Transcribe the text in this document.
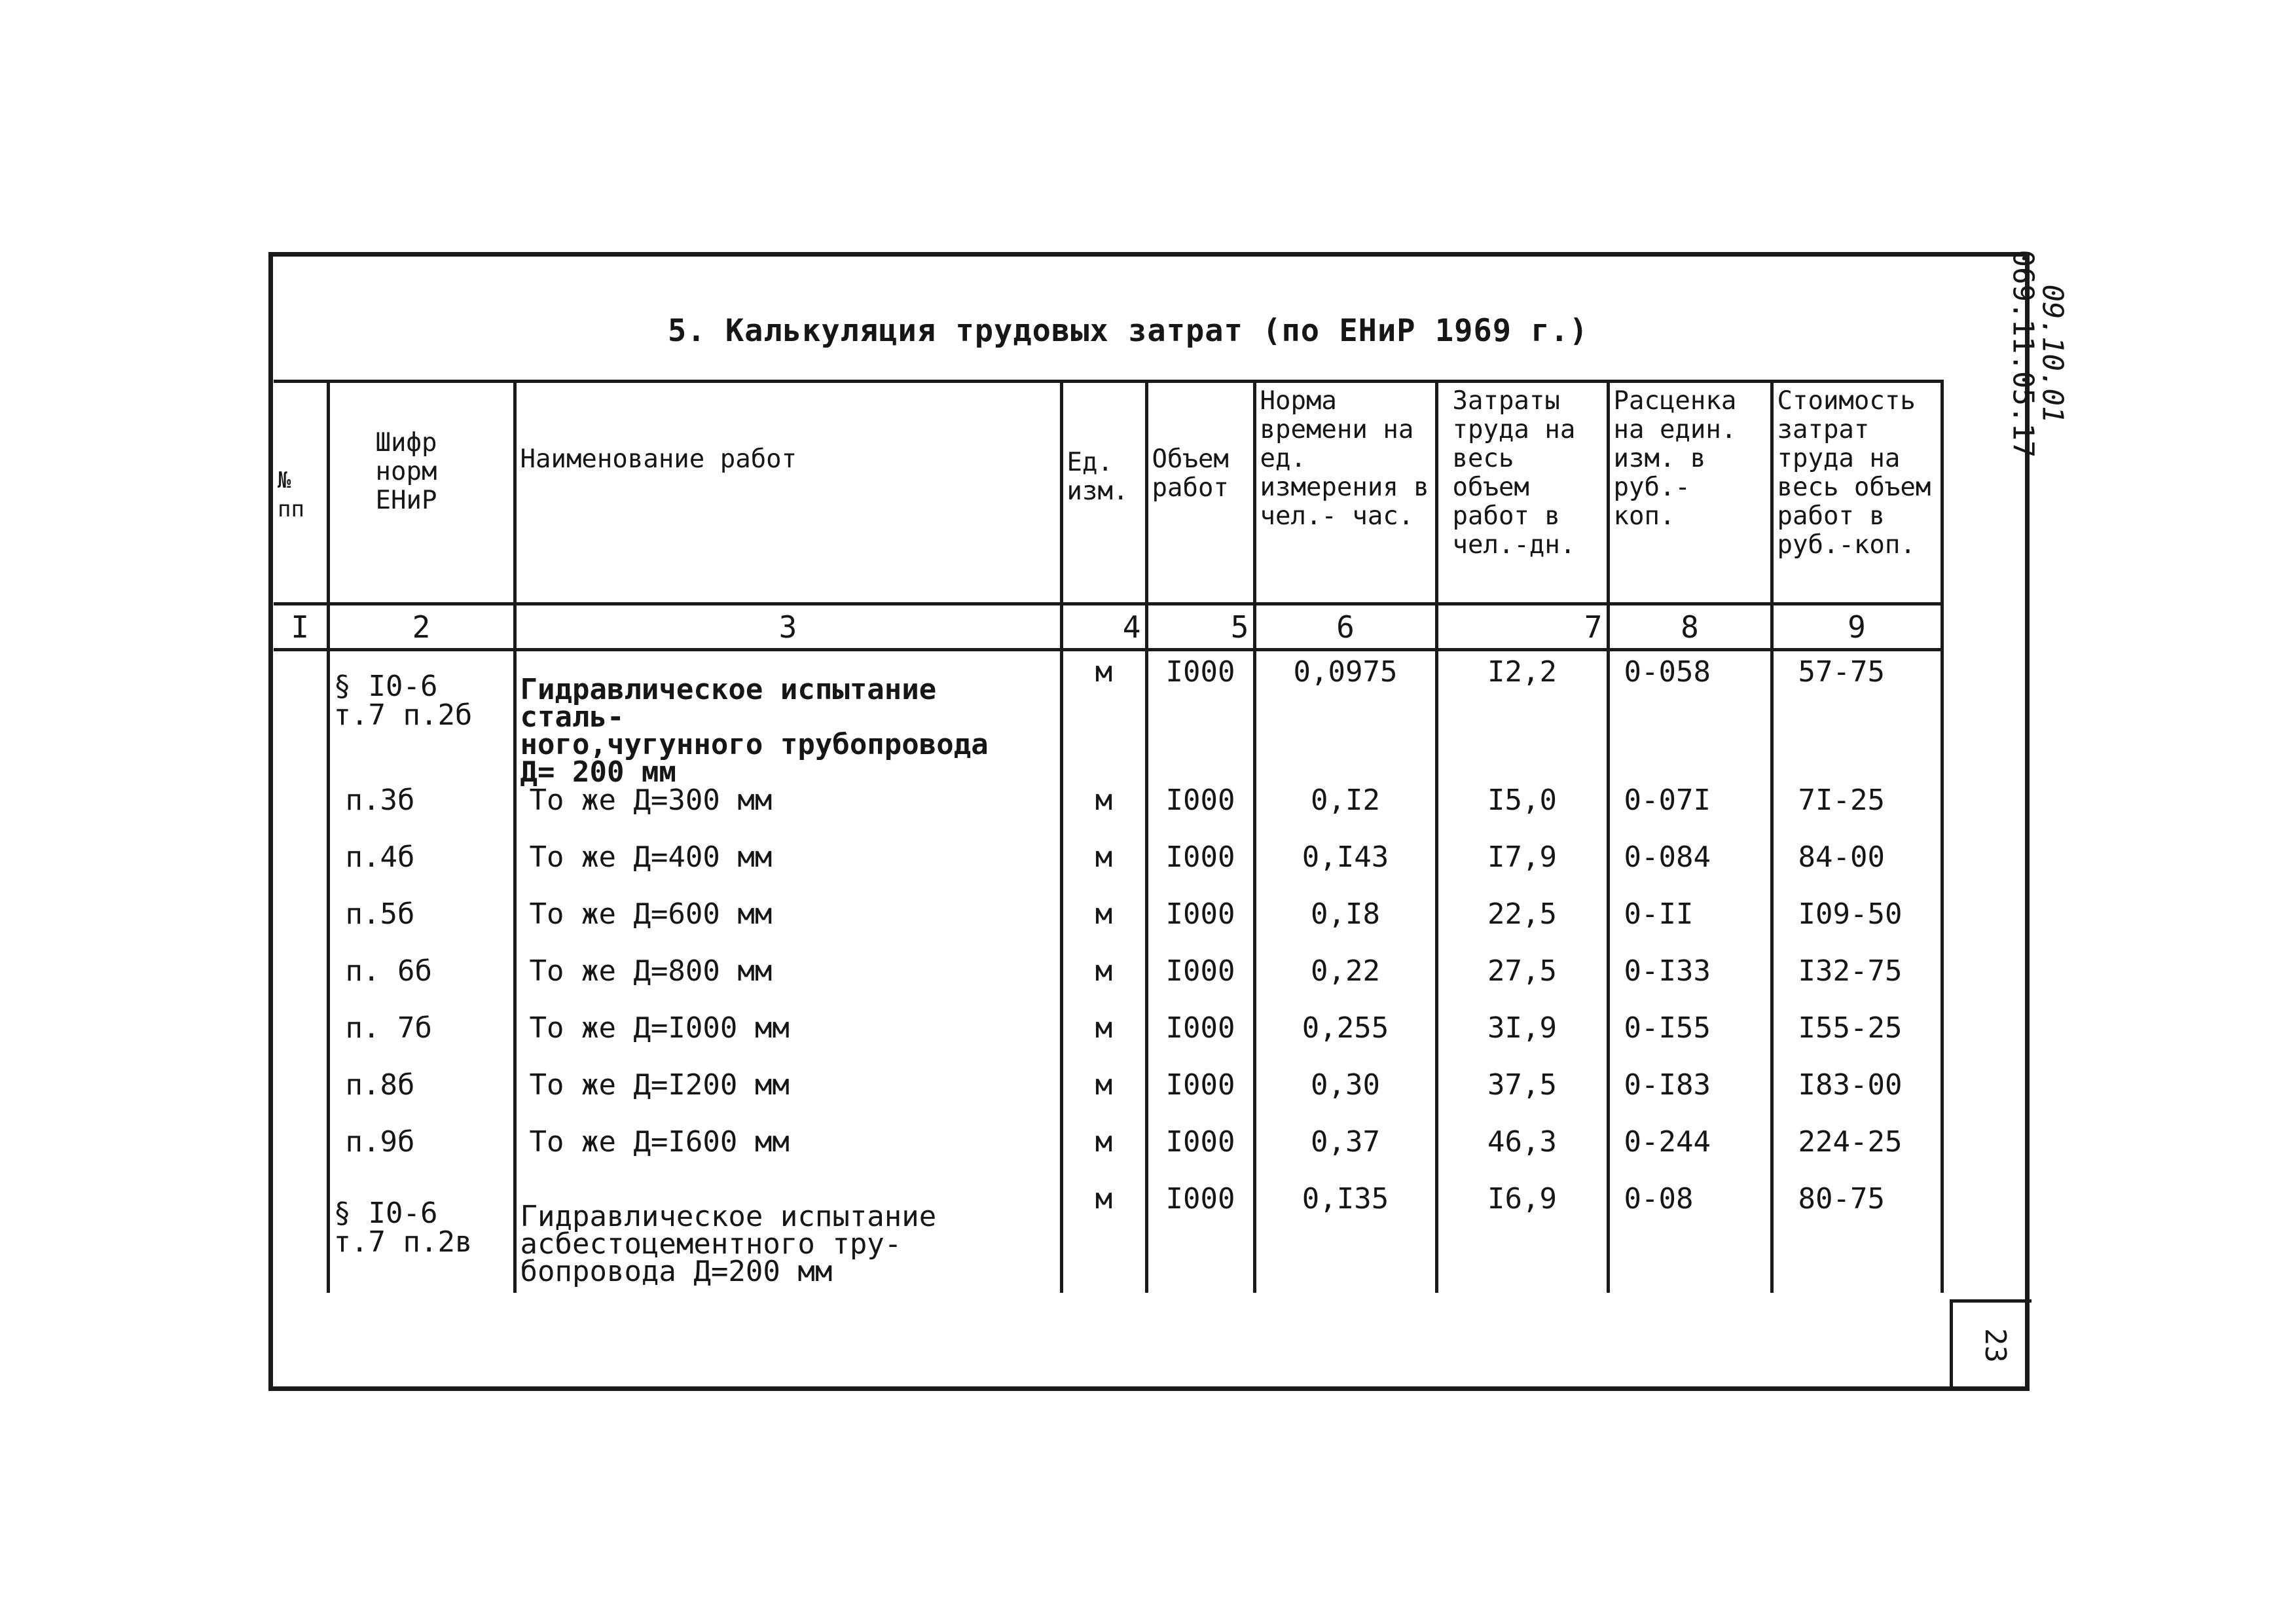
5. Калькуляция трудовых затрат (по ЕНиР 1969 г.)	069.11.05.17
09.10.01
23
№ пп	Шифр норм ЕНиР	Наименование работ	Ед. изм.	Объем работ	Норма времени на ед. измерения в чел.- час.	Затраты труда на весь объем работ в чел.-дн.	Расценка на един. изм. в руб.- коп.	Стоимость затрат труда на весь объем работ в руб.-коп.
I	2	3	4	5	6	7	8	9

	§ I0-6
т.7 п.2б	Гидравлическое испытание сталь-
ного,чугунного трубопровода
Д= 200 мм	м	I000	0,0975	I2,2	0-058	57-75
	п.3б	То же Д=300 мм	м	I000	0,I2	I5,0	0-07I	7I-25
	п.4б	То же Д=400 мм	м	I000	0,I43	I7,9	0-084	84-00
	п.5б	То же Д=600 мм	м	I000	0,I8	22,5	0-II	I09-50
	п. 6б	То же Д=800 мм	м	I000	0,22	27,5	0-I33	I32-75
	п. 7б	То же Д=I000 мм	м	I000	0,255	3I,9	0-I55	I55-25
	п.8б	То же Д=I200 мм	м	I000	0,30	37,5	0-I83	I83-00
	п.9б	То же Д=I600 мм	м	I000	0,37	46,3	0-244	224-25
	§ I0-6
т.7 п.2в	Гидравлическое испытание
асбестоцементного тру-
бопровода Д=200 мм	м	I000	0,I35	I6,9	0-08	80-75
